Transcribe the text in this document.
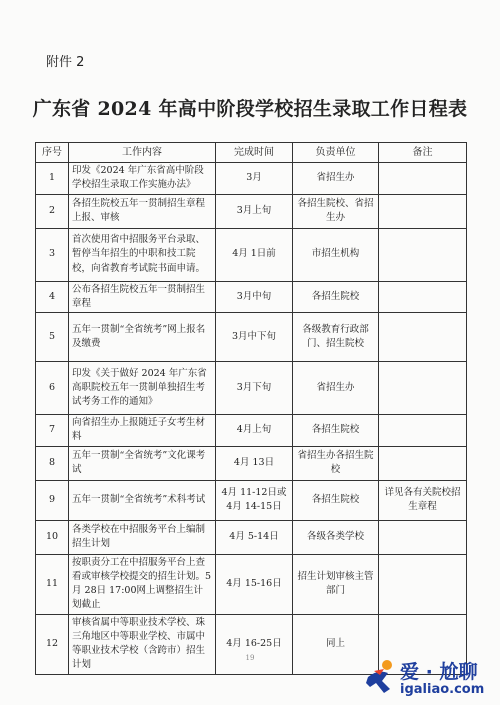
附件 2
广东省 2024 年高中阶段学校招生录取工作日程表
序号	工作内容	完成时间	负责单位	备注
1	印发《2024 年广东省高中阶段学校招生录取工作实施办法》	3月	省招生办	
2	各招生院校五年一贯制招生章程上报、审核	3月上旬	各招生院校、省招生办	
3	首次使用省中招服务平台录取、暂停当年招生的中职和技工院校，向省教育考试院书面申请。	4月 1日前	市招生机构	
4	公布各招生院校五年一贯制招生章程	3月中旬	各招生院校	
5	五年一贯制“全省统考”网上报名及缴费	3月中下旬	各级教育行政部门、招生院校	
6	印发《关于做好 2024 年广东省高职院校五年一贯制单独招生考试考务工作的通知》	3月下旬	省招生办	
7	向省招生办上报随迁子女考生材料	4月上旬	各招生院校	
8	五年一贯制“全省统考”文化课考试	4月 13日	省招生办各招生院校	
9	五年一贯制“全省统考”术科考试	4月 11-12日或 4月 14-15日	各招生院校	详见各有关院校招生章程
10	各类学校在中招服务平台上编制招生计划	4月 5-14日	各级各类学校	
11	按职责分工在中招服务平台上查看或审核学校提交的招生计划。5月 28日 17:00网上调整招生计划截止	4月 15-16日	招生计划审核主管部门	
12	审核省属中等职业技术学校、珠三角地区中等职业学校、市属中等职业技术学校（含跨市）招生计划	4月 16-25日	同上	
19
爱 · 尬聊
igaliao.com
